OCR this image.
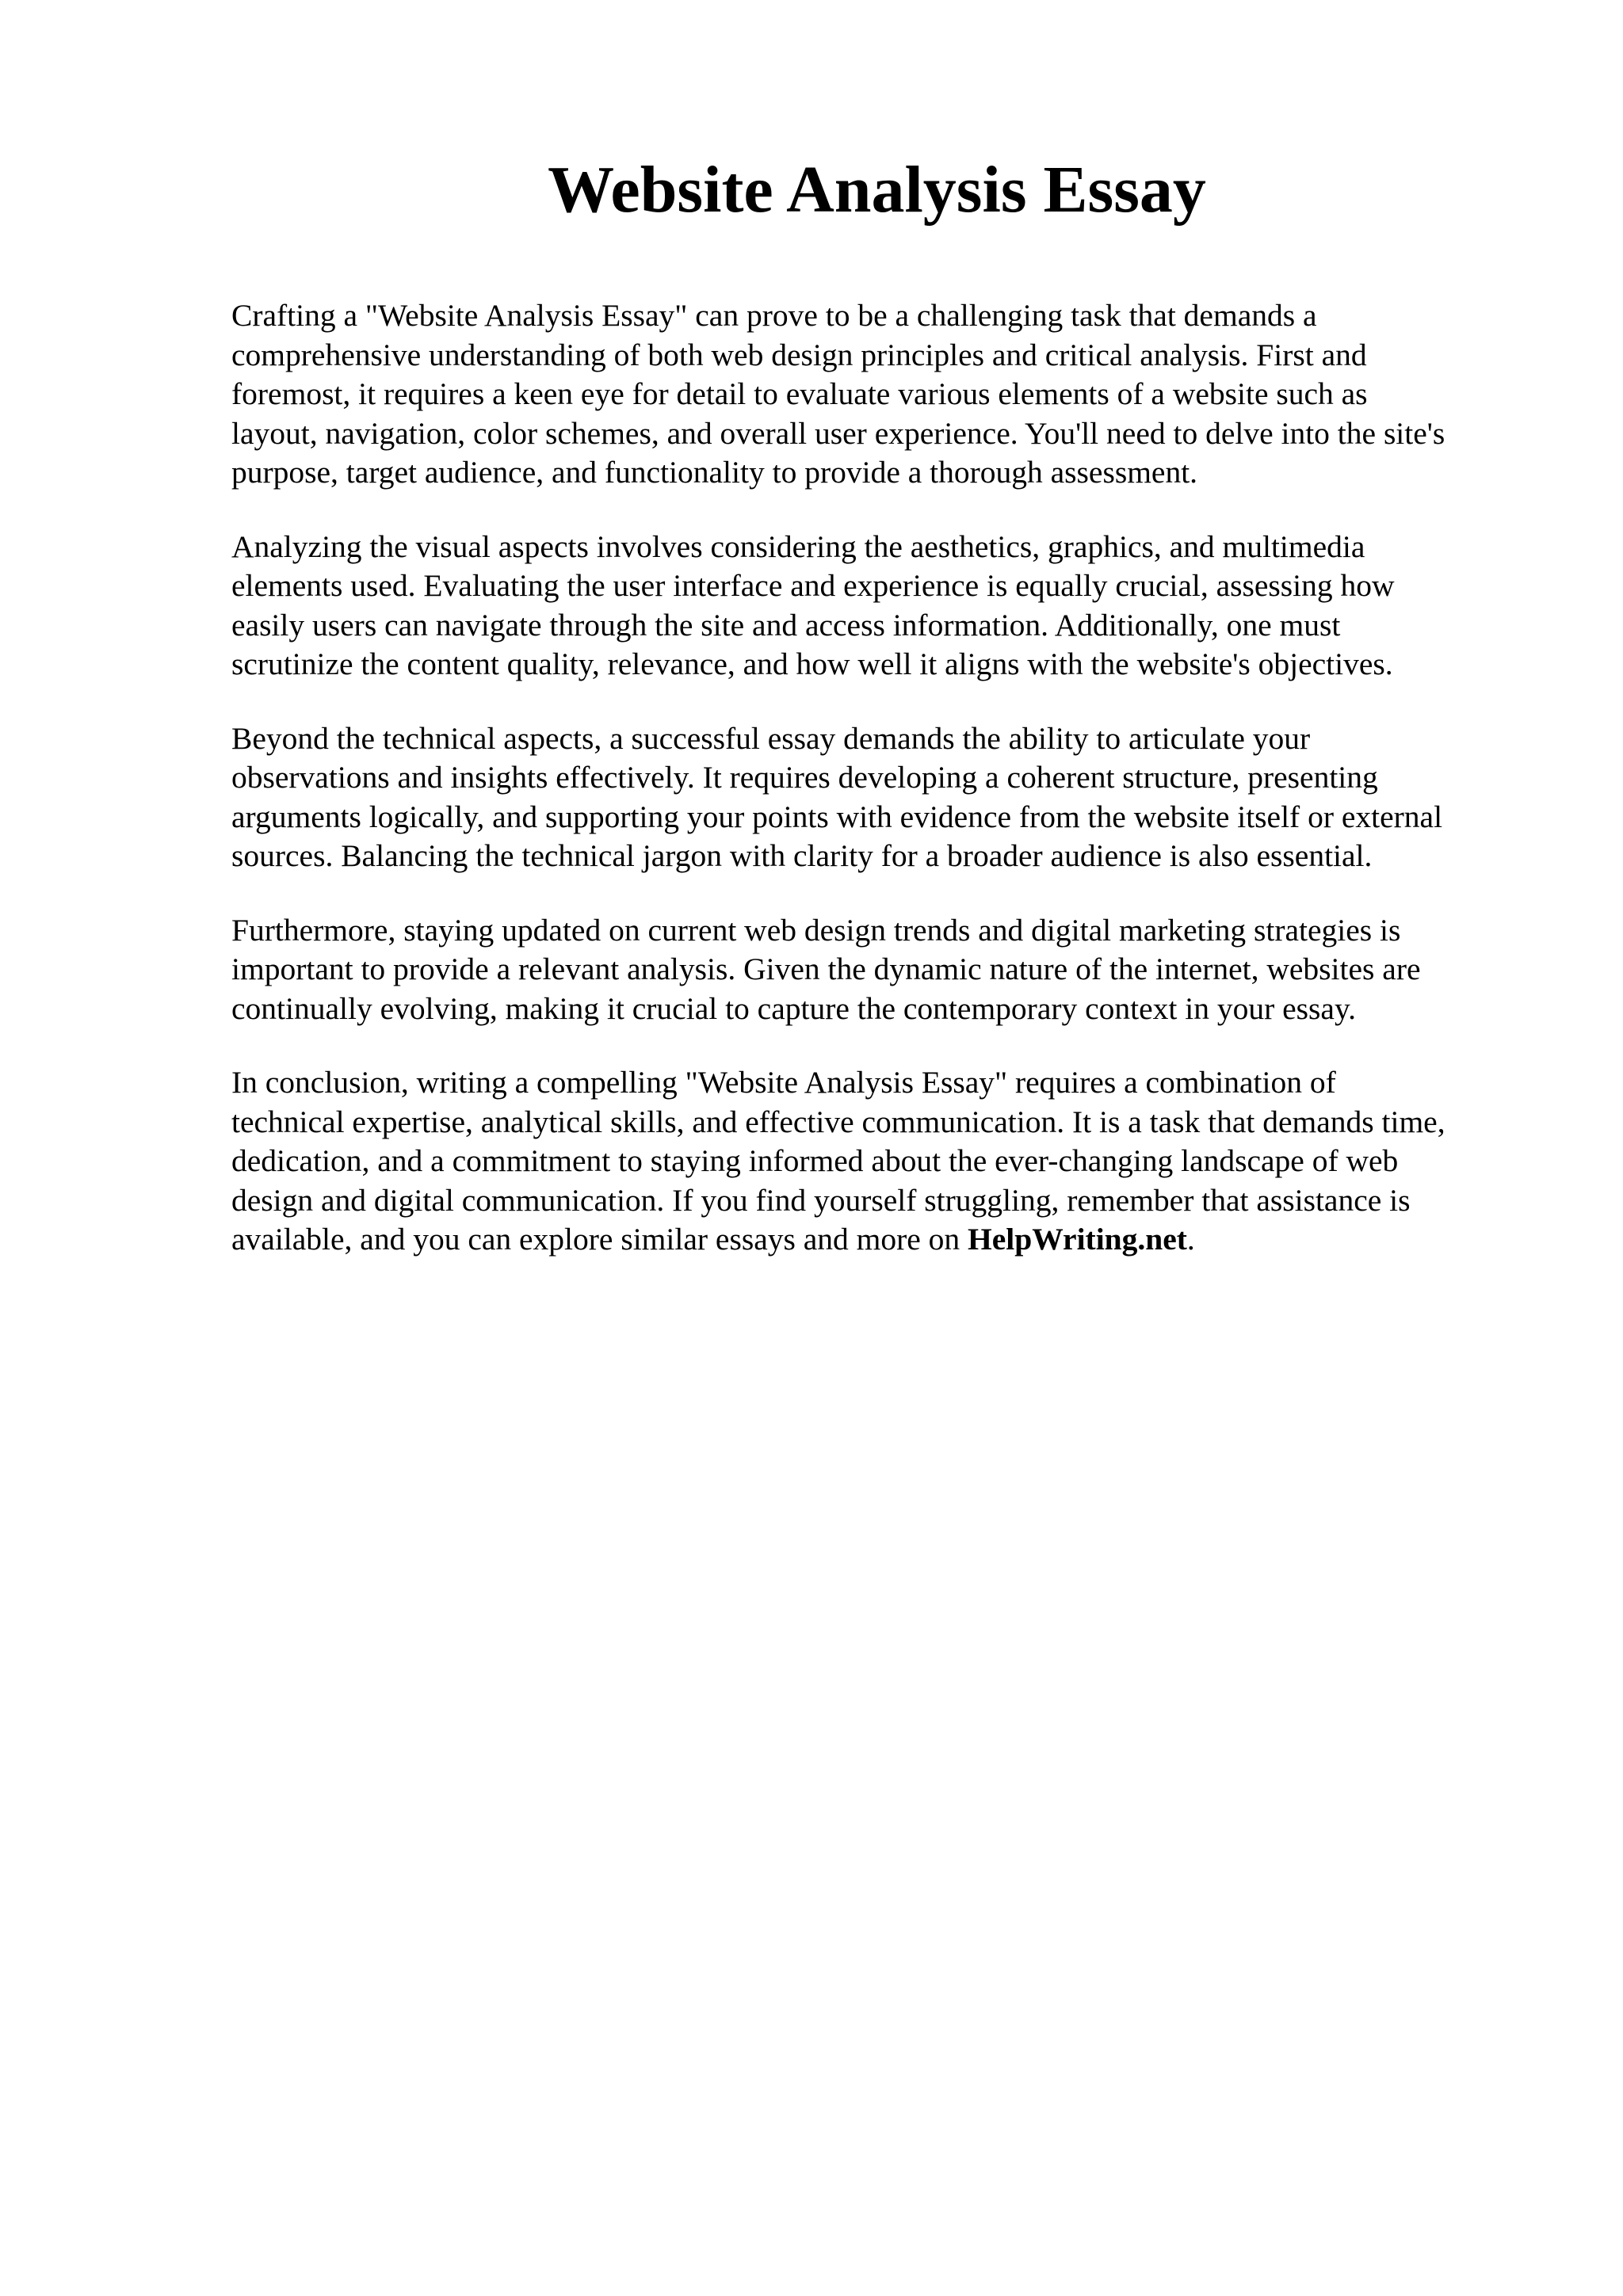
Website Analysis Essay

Crafting a "Website Analysis Essay" can prove to be a challenging task that demands a
comprehensive understanding of both web design principles and critical analysis. First and
foremost, it requires a keen eye for detail to evaluate various elements of a website such as
layout, navigation, color schemes, and overall user experience. You'll need to delve into the site's
purpose, target audience, and functionality to provide a thorough assessment.

Analyzing the visual aspects involves considering the aesthetics, graphics, and multimedia
elements used. Evaluating the user interface and experience is equally crucial, assessing how
easily users can navigate through the site and access information. Additionally, one must
scrutinize the content quality, relevance, and how well it aligns with the website's objectives.

Beyond the technical aspects, a successful essay demands the ability to articulate your
observations and insights effectively. It requires developing a coherent structure, presenting
arguments logically, and supporting your points with evidence from the website itself or external
sources. Balancing the technical jargon with clarity for a broader audience is also essential.

Furthermore, staying updated on current web design trends and digital marketing strategies is
important to provide a relevant analysis. Given the dynamic nature of the internet, websites are
continually evolving, making it crucial to capture the contemporary context in your essay.

In conclusion, writing a compelling "Website Analysis Essay" requires a combination of
technical expertise, analytical skills, and effective communication. It is a task that demands time,
dedication, and a commitment to staying informed about the ever-changing landscape of web
design and digital communication. If you find yourself struggling, remember that assistance is
available, and you can explore similar essays and more on HelpWriting.net.
